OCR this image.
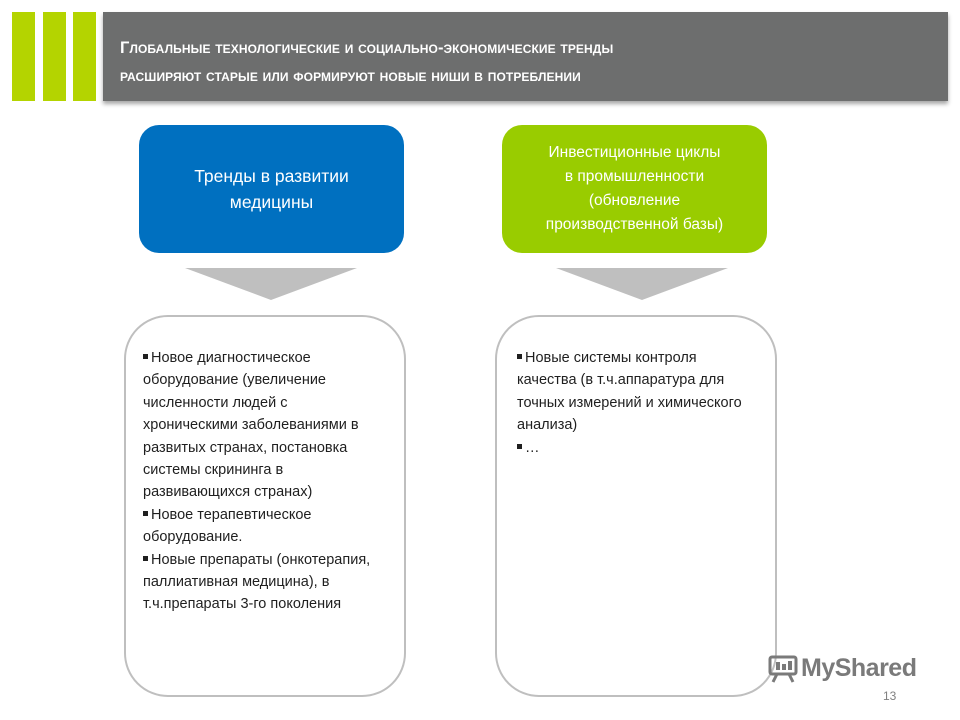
Глобальные технологические и социально-экономические тренды
расширяют старые или формируют новые ниши в потреблении
Тренды в развитии
медицины
Инвестиционные циклы
в промышленности
(обновление
производственной базы)
Новое диагностическое оборудование (увеличение численности людей с хроническими заболеваниями в развитых странах, постановка системы скрининга в развивающихся странах)
Новое терапевтическое оборудование.
Новые препараты (онкотерапия, паллиативная медицина), в т.ч.препараты 3-го поколения
Новые системы контроля качества (в т.ч.аппаратура для точных измерений и химического анализа)
…
MyShared
13
